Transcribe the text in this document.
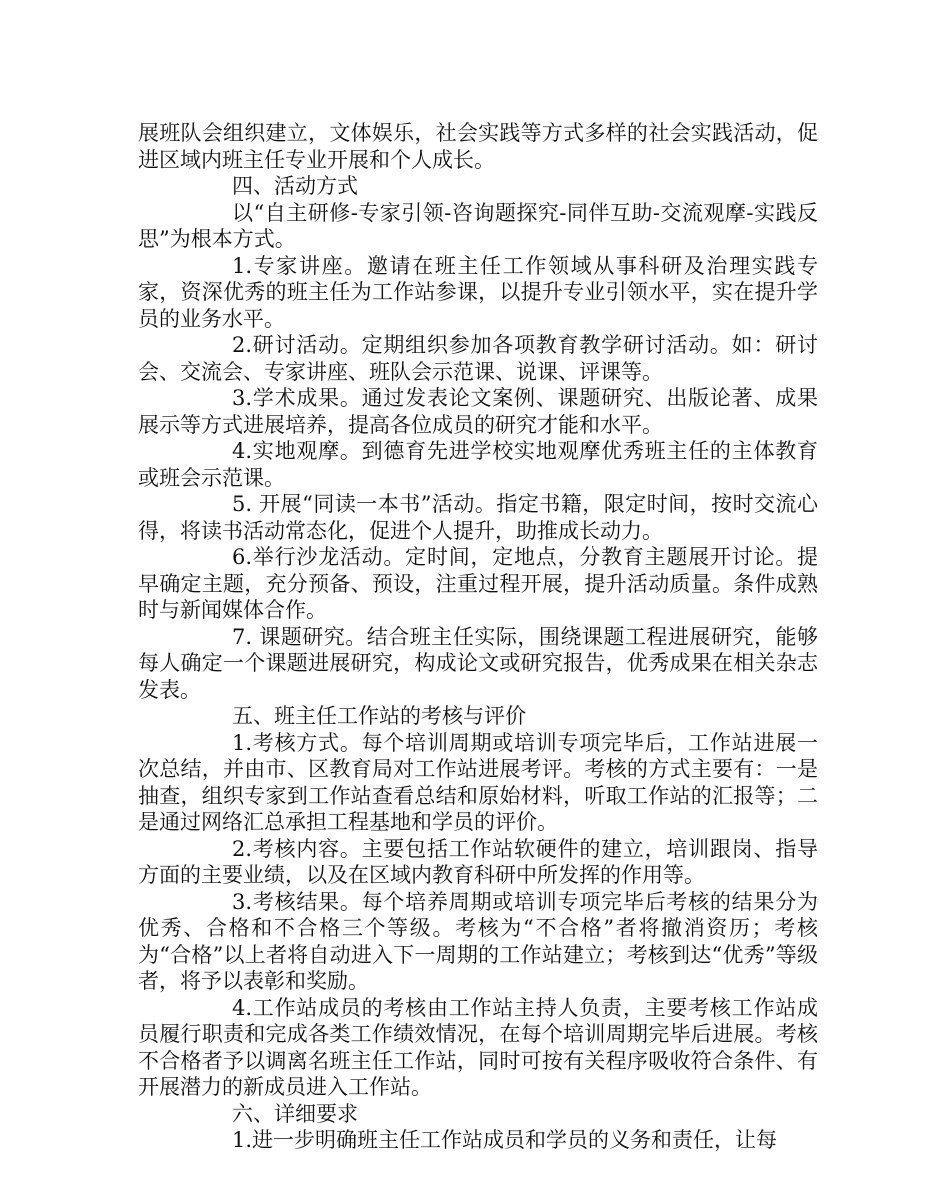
展班队会组织建立，文体娱乐，社会实践等方式多样的社会实践活动，促进区域内班主任专业开展和个人成长。

四、活动方式

以“自主研修-专家引领-咨询题探究-同伴互助-交流观摩-实践反思”为根本方式。

1.专家讲座。邀请在班主任工作领域从事科研及治理实践专家，资深优秀的班主任为工作站参课，以提升专业引领水平，实在提升学员的业务水平。

2.研讨活动。定期组织参加各项教育教学研讨活动。如：研讨会、交流会、专家讲座、班队会示范课、说课、评课等。

3.学术成果。通过发表论文案例、课题研究、出版论著、成果展示等方式进展培养，提高各位成员的研究才能和水平。

4.实地观摩。到德育先进学校实地观摩优秀班主任的主体教育或班会示范课。

5. 开展“同读一本书”活动。指定书籍，限定时间，按时交流心得，将读书活动常态化，促进个人提升，助推成长动力。

6.举行沙龙活动。定时间，定地点，分教育主题展开讨论。提早确定主题，充分预备、预设，注重过程开展，提升活动质量。条件成熟时与新闻媒体合作。

7. 课题研究。结合班主任实际，围绕课题工程进展研究，能够每人确定一个课题进展研究，构成论文或研究报告，优秀成果在相关杂志发表。

五、班主任工作站的考核与评价

1.考核方式。每个培训周期或培训专项完毕后，工作站进展一次总结，并由市、区教育局对工作站进展考评。考核的方式主要有：一是抽查，组织专家到工作站查看总结和原始材料，听取工作站的汇报等；二是通过网络汇总承担工程基地和学员的评价。

2.考核内容。主要包括工作站软硬件的建立，培训跟岗、指导方面的主要业绩，以及在区域内教育科研中所发挥的作用等。

3.考核结果。每个培养周期或培训专项完毕后考核的结果分为优秀、合格和不合格三个等级。考核为“不合格”者将撤消资历；考核为“合格”以上者将自动进入下一周期的工作站建立；考核到达“优秀”等级者，将予以表彰和奖励。

4.工作站成员的考核由工作站主持人负责，主要考核工作站成员履行职责和完成各类工作绩效情况，在每个培训周期完毕后进展。考核不合格者予以调离名班主任工作站，同时可按有关程序吸收符合条件、有开展潜力的新成员进入工作站。

六、详细要求

1.进一步明确班主任工作站成员和学员的义务和责任，让每
